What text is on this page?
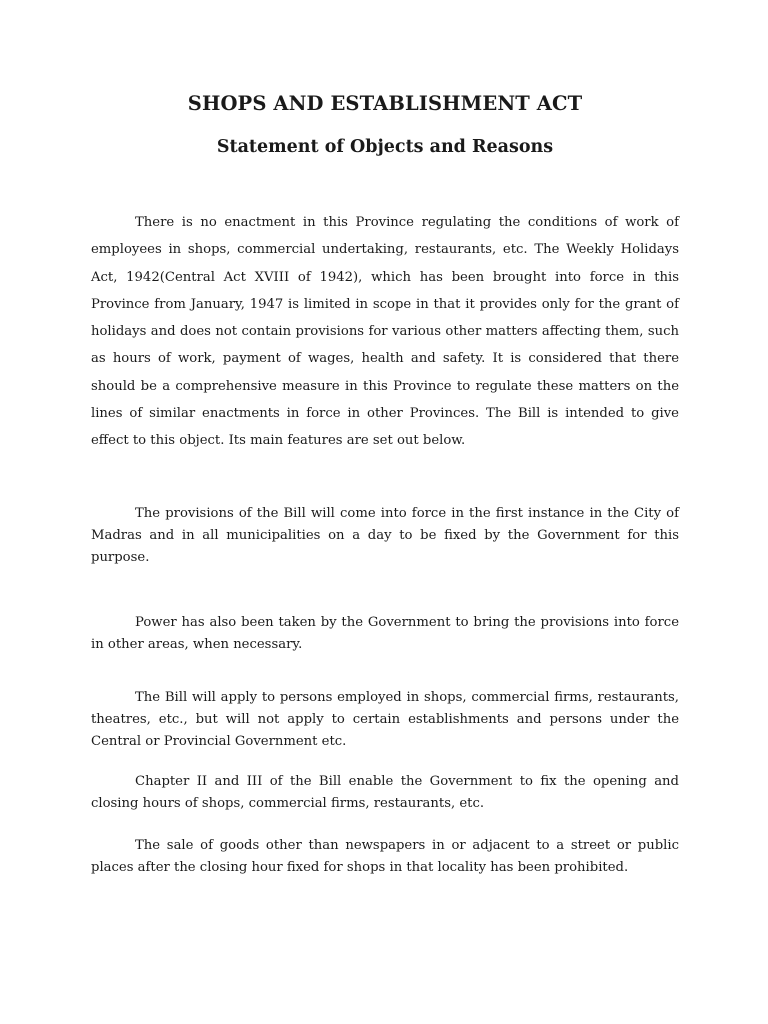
SHOPS AND ESTABLISHMENT ACT
Statement of Objects and Reasons

There is no enactment in this Province regulating the conditions of work of employees in shops, commercial undertaking, restaurants, etc. The Weekly Holidays Act, 1942(Central Act XVIII of 1942), which has been brought into force in this Province from January, 1947 is limited in scope in that it provides only for the grant of holidays and does not contain provisions for various other matters affecting them, such as hours of work, payment of wages, health and safety. It is considered that there should be a comprehensive measure in this Province to regulate these matters on the lines of similar enactments in force in other Provinces. The Bill is intended to give effect to this object. Its main features are set out below.

The provisions of the Bill will come into force in the first instance in the City of Madras and in all municipalities on a day to be fixed by the Government for this purpose.

Power has also been taken by the Government to bring the provisions into force in other areas, when necessary.

The Bill will apply to persons employed in shops, commercial firms, restaurants, theatres, etc., but will not apply to certain establishments and persons under the Central or Provincial Government etc.

Chapter II and III of the Bill enable the Government to fix the opening and closing hours of shops, commercial firms, restaurants, etc.

The sale of goods other than newspapers in or adjacent to a street or public places after the closing hour fixed for shops in that locality has been prohibited.
